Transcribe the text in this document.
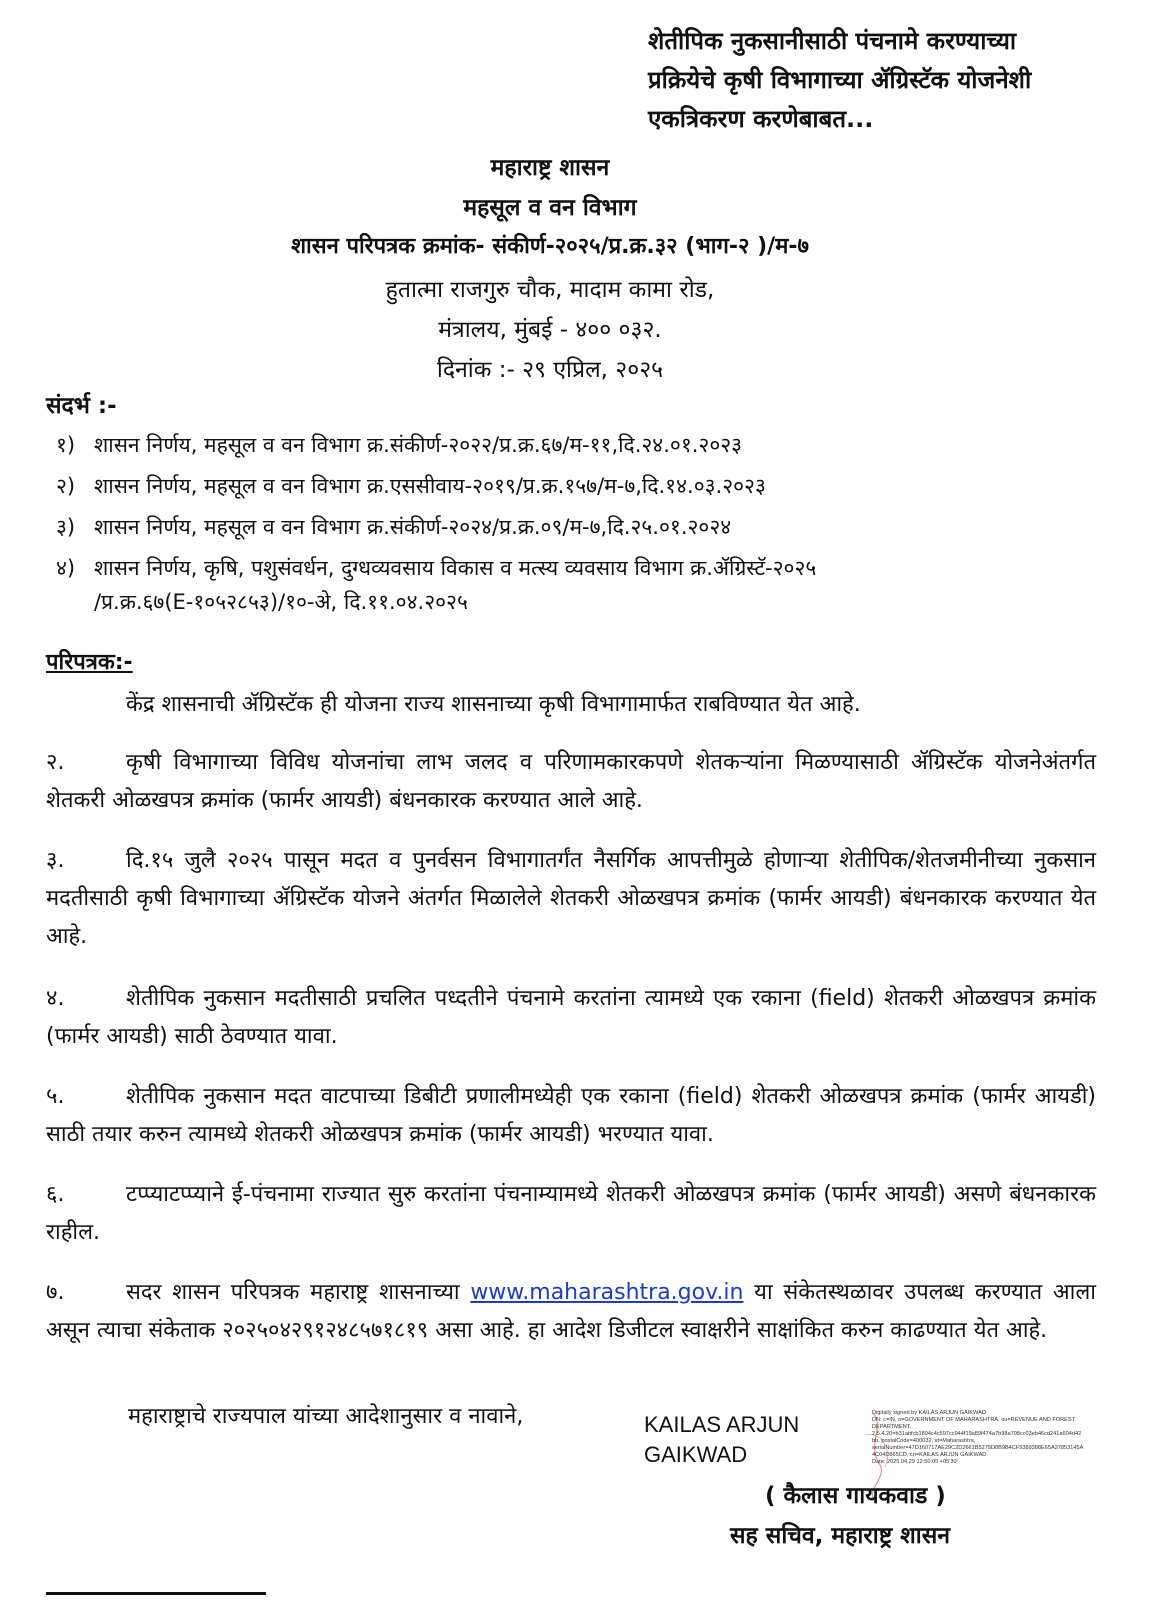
शेतीपिक नुकसानीसाठी पंचनामे करण्याच्या
प्रक्रियेचे कृषी विभागाच्या ॲग्रिस्टॅक योजनेशी
एकत्रिकरण करणेबाबत...
महाराष्ट्र शासन
महसूल व वन विभाग
शासन परिपत्रक क्रमांक- संकीर्ण-२०२५/प्र.क्र.३२ (भाग-२ )/म-७
हुतात्मा राजगुरु चौक, मादाम कामा रोड,
मंत्रालय, मुंबई - ४०० ०३२.
दिनांक :- २९ एप्रिल, २०२५
संदर्भ :-
१) शासन निर्णय, महसूल व वन विभाग क्र.संकीर्ण-२०२२/प्र.क्र.६७/म-११,दि.२४.०१.२०२३
२) शासन निर्णय, महसूल व वन विभाग क्र.एससीवाय-२०१९/प्र.क्र.१५७/म-७,दि.१४.०३.२०२३
३) शासन निर्णय, महसूल व वन विभाग क्र.संकीर्ण-२०२४/प्र.क्र.०९/म-७,दि.२५.०१.२०२४
४) शासन निर्णय, कृषि, पशुसंवर्धन, दुग्धव्यवसाय विकास व मत्स्य व्यवसाय विभाग क्र.ॲग्रिस्टॅ-२०२५
/प्र.क्र.६७(E-१०५२८५३)/१०-अे, दि.११.०४.२०२५
परिपत्रक:-
केंद्र शासनाची ॲग्रिस्टॅक ही योजना राज्य शासनाच्या कृषी विभागामार्फत राबविण्यात येत आहे.
२.	कृषी विभागाच्या विविध योजनांचा लाभ जलद व परिणामकारकपणे शेतकऱ्यांना मिळण्यासाठी ॲग्रिस्टॅक योजनेअंतर्गत शेतकरी ओळखपत्र क्रमांक (फार्मर आयडी) बंधनकारक करण्यात आले आहे.
३.	दि.१५ जुलै २०२५ पासून मदत व पुनर्वसन विभागातर्गंत नैसर्गिक आपत्तीमुळे होणाऱ्या शेतीपिक/शेतजमीनीच्या नुकसान मदतीसाठी कृषी विभागाच्या ॲग्रिस्टॅक योजने अंतर्गत मिळालेले शेतकरी ओळखपत्र क्रमांक (फार्मर आयडी) बंधनकारक करण्यात येत आहे.
४.	शेतीपिक नुकसान मदतीसाठी प्रचलित पध्दतीने पंचनामे करतांना त्यामध्ये एक रकाना (field) शेतकरी ओळखपत्र क्रमांक (फार्मर आयडी) साठी ठेवण्यात यावा.
५.	शेतीपिक नुकसान मदत वाटपाच्या डिबीटी प्रणालीमध्येही एक रकाना (field) शेतकरी ओळखपत्र क्रमांक (फार्मर आयडी) साठी तयार करुन त्यामध्ये शेतकरी ओळखपत्र क्रमांक (फार्मर आयडी) भरण्यात यावा.
६.	टप्प्याटप्प्याने ई-पंचनामा राज्यात सुरु करतांना पंचनाम्यामध्ये शेतकरी ओळखपत्र क्रमांक (फार्मर आयडी) असणे बंधनकारक राहील.
७.	सदर शासन परिपत्रक महाराष्ट्र शासनाच्या www.maharashtra.gov.in या संकेतस्थळावर उपलब्ध करण्यात आला असून त्याचा संकेताक २०२५०४२९१२४८५७१८१९ असा आहे. हा आदेश डिजीटल स्वाक्षरीने साक्षांकित करुन काढण्यात येत आहे.
महाराष्ट्राचे राज्यपाल यांच्या आदेशानुसार व नावाने,	KAILAS ARJUN
GAIKWAD
Digitally signed by KAILAS ARJUN GAIKWAD
DN: c=IN, o=GOVERNMENT OF MAHARASHTRA, ou=REVENUE AND FOREST
DEPARTMENT,
2.5.4.20=b31abfcb1894c4c597cc944f19a89f474a7b98a708cc03eb46cd241a604d42
bb, postalCode=400032, st=Maharashtra,
serialNumber=47D160717AE29C2D2661B5275D8B9B4CF9389388E65A27853145A
4C04D865CD, cn=KAILAS ARJUN GAIKWAD
Date: 2025.04.29 12:50:05 +05'30'
( कैलास गायकवाड )
सह सचिव, महाराष्ट्र शासन
